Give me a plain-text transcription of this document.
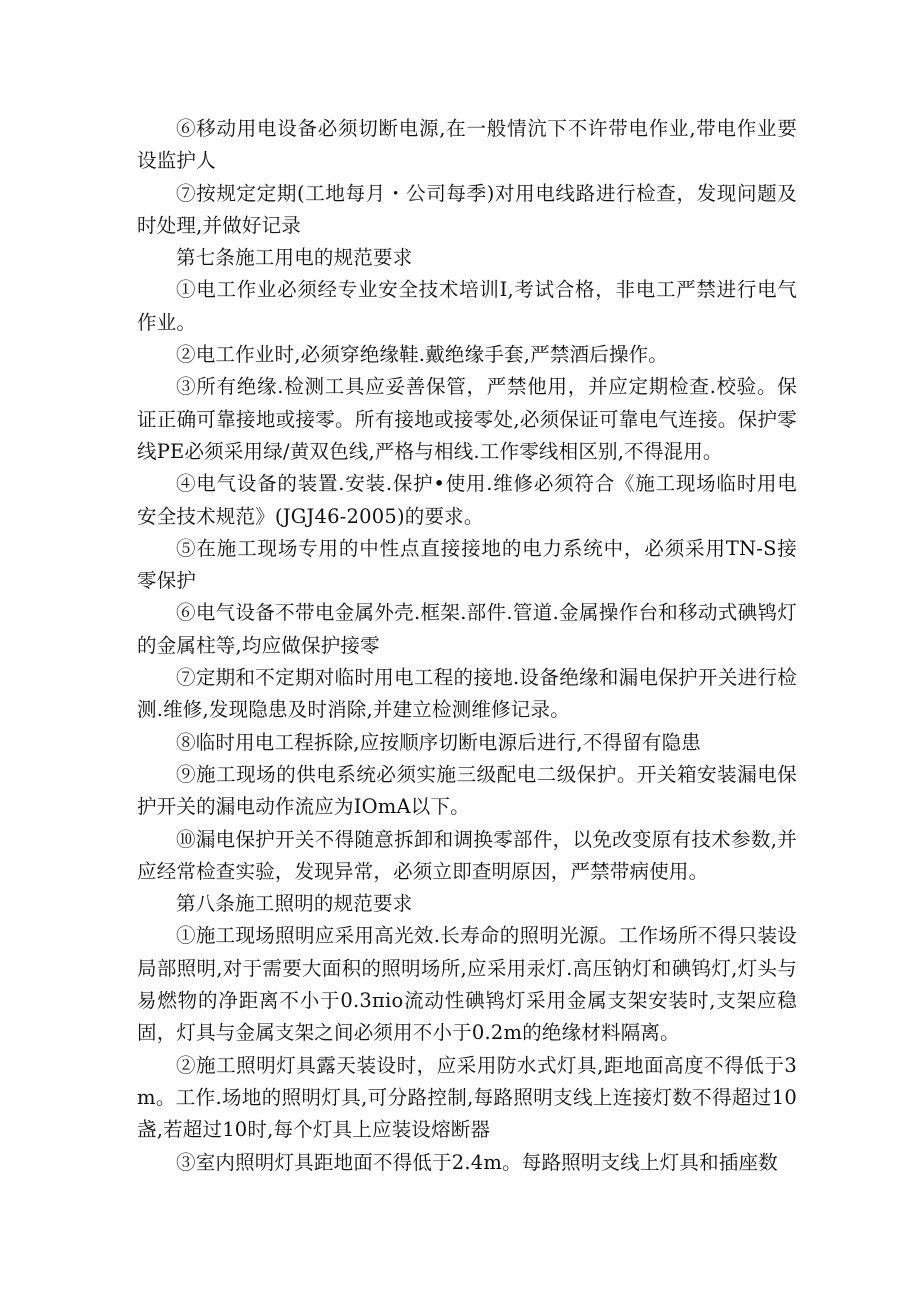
⑥移动用电设备必须切断电源,在一般情沆下不许带电作业,带电作业要设监护人

⑦按规定定期(工地每月・公司每季)对用电线路进行检查，发现问题及时处理,并做好记录

第七条施工用电的规范要求

①电工作业必须经专业安全技术培训I,考试合格，非电工严禁进行电气作业。

②电工作业时,必须穿绝缘鞋.戴绝缘手套,严禁酒后操作。

③所有绝缘.检测工具应妥善保管，严禁他用，并应定期检查.校验。保证正确可靠接地或接零。所有接地或接零处,必须保证可靠电气连接。保护零线PE必须采用绿/黄双色线,严格与相线.工作零线相区别,不得混用。

④电气设备的装置.安装.保护•使用.维修必须符合《施工现场临时用电安全技术规范》(JGJ46-2005)的要求。

⑤在施工现场专用的中性点直接接地的电力系统中，必须采用TN-S接零保护

⑥电气设备不带电金属外壳.框架.部件.管道.金属操作台和移动式碘鸨灯的金属柱等,均应做保护接零

⑦定期和不定期对临时用电工程的接地.设备绝缘和漏电保护开关进行检测.维修,发现隐患及时消除,并建立检测维修记录。

⑧临时用电工程拆除,应按顺序切断电源后进行,不得留有隐患

⑨施工现场的供电系统必须实施三级配电二级保护。开关箱安装漏电保护开关的漏电动作流应为IOmA以下。

⑩漏电保护开关不得随意拆卸和调换零部件，以免改变原有技术参数,并应经常检查实验，发现异常，必须立即查明原因，严禁带病使用。

第八条施工照明的规范要求

①施工现场照明应采用高光效.长寿命的照明光源。工作场所不得只装设局部照明,对于需要大面积的照明场所,应采用汞灯.高压钠灯和碘钨灯,灯头与易燃物的净距离不小于0.3πio流动性碘鸨灯采用金属支架安装时,支架应稳固，灯具与金属支架之间必须用不小于0.2m的绝缘材料隔离。

②施工照明灯具露天装设时，应采用防水式灯具,距地面高度不得低于3m。工作.场地的照明灯具,可分路控制,每路照明支线上连接灯数不得超过10盏,若超过10时,每个灯具上应装设熔断器

③室内照明灯具距地面不得低于2.4m。每路照明支线上灯具和插座数
